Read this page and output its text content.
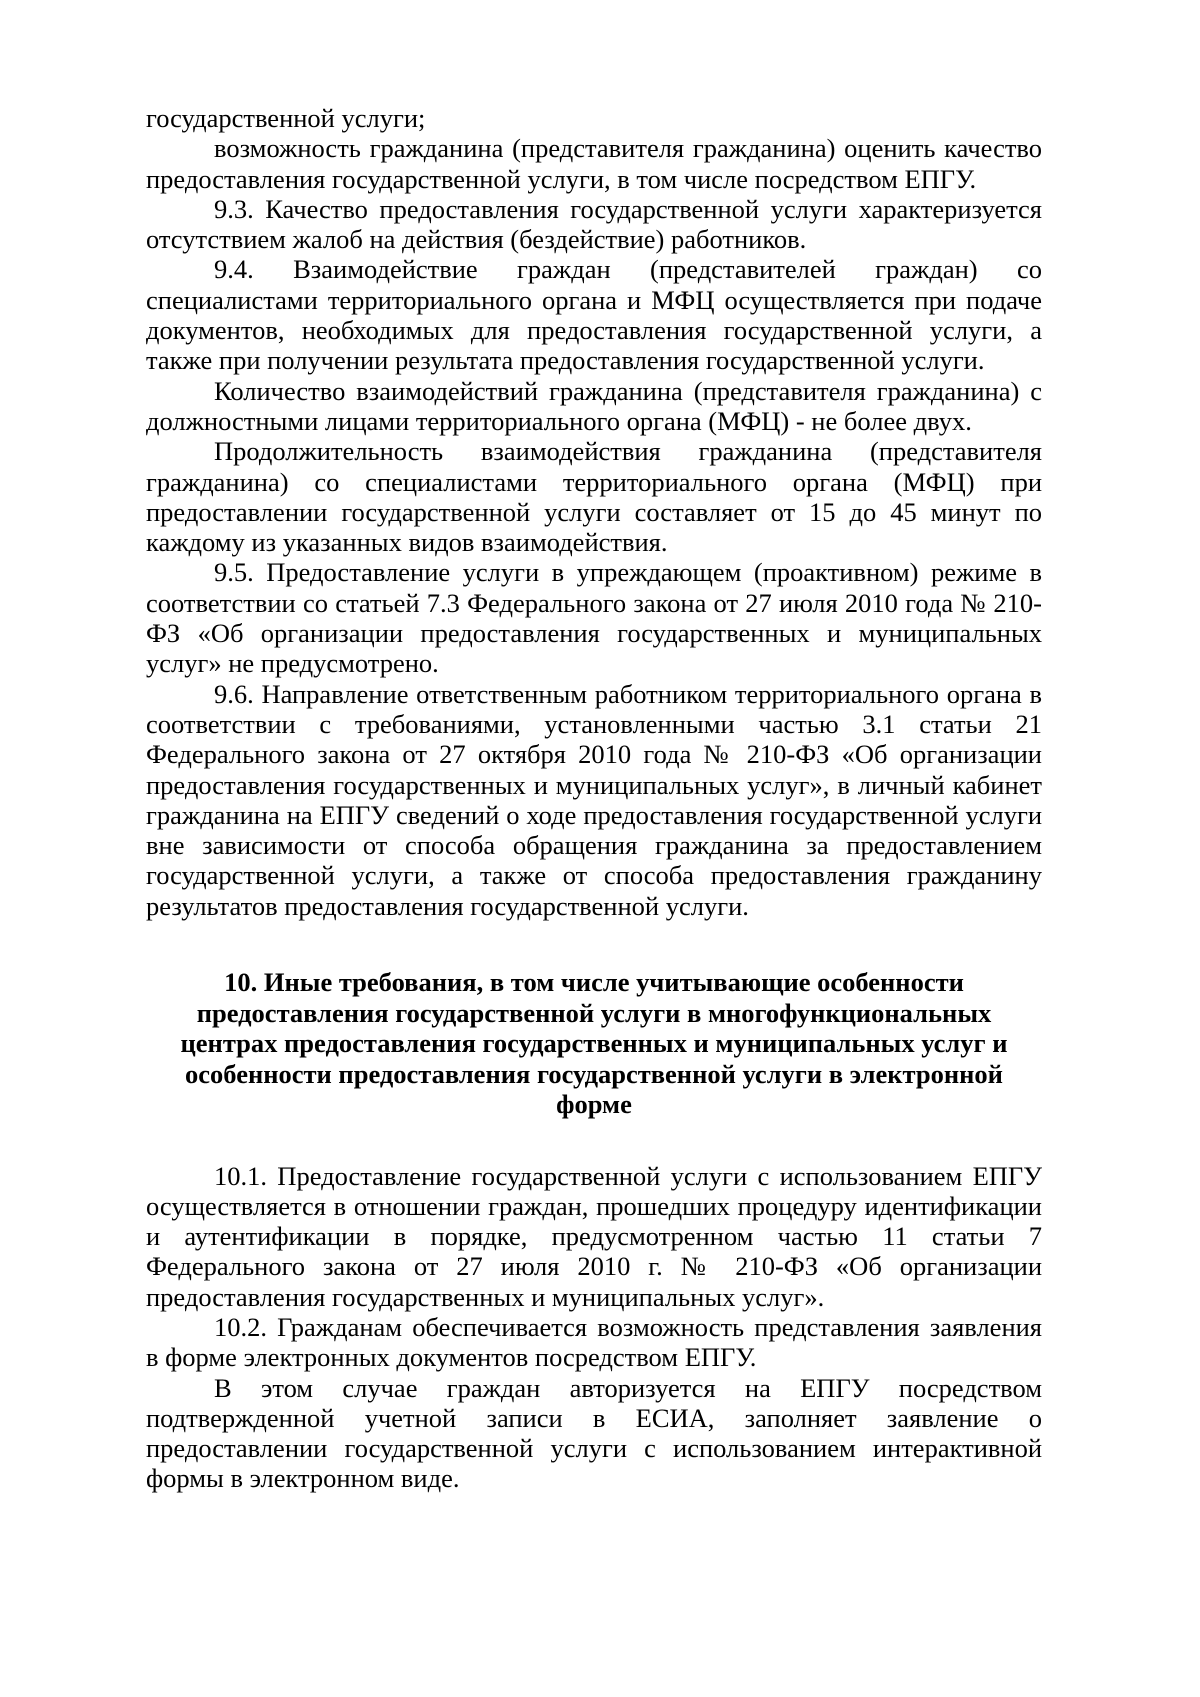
государственной услуги;

возможность гражданина (представителя гражданина) оценить качество предоставления государственной услуги, в том числе посредством ЕПГУ.

9.3. Качество предоставления государственной услуги характеризуется отсутствием жалоб на действия (бездействие) работников.

9.4. Взаимодействие граждан (представителей граждан) со специалистами территориального органа и МФЦ осуществляется при подаче документов, необходимых для предоставления государственной услуги, а также при получении результата предоставления государственной услуги.

Количество взаимодействий гражданина (представителя гражданина) с должностными лицами территориального органа (МФЦ) - не более двух.

Продолжительность взаимодействия гражданина (представителя гражданина) со специалистами территориального органа (МФЦ) при предоставлении государственной услуги составляет от 15 до 45 минут по каждому из указанных видов взаимодействия.

9.5. Предоставление услуги в упреждающем (проактивном) режиме в соответствии со статьей 7.3 Федерального закона от 27 июля 2010 года № 210-ФЗ «Об организации предоставления государственных и муниципальных услуг» не предусмотрено.

9.6. Направление ответственным работником территориального органа в соответствии с требованиями, установленными частью 3.1 статьи 21 Федерального закона от 27 октября 2010 года № 210-ФЗ «Об организации предоставления государственных и муниципальных услуг», в личный кабинет гражданина на ЕПГУ сведений о ходе предоставления государственной услуги вне зависимости от способа обращения гражданина за предоставлением государственной услуги, а также от способа предоставления гражданину результатов предоставления государственной услуги.

10. Иные требования, в том числе учитывающие особенности предоставления государственной услуги в многофункциональных центрах предоставления государственных и муниципальных услуг и особенности предоставления государственной услуги в электронной форме

10.1. Предоставление государственной услуги с использованием ЕПГУ осуществляется в отношении граждан, прошедших процедуру идентификации и аутентификации в порядке, предусмотренном частью 11 статьи 7 Федерального закона от 27 июля 2010 г. № 210-ФЗ «Об организации предоставления государственных и муниципальных услуг».

10.2. Гражданам обеспечивается возможность представления заявления в форме электронных документов посредством ЕПГУ.

В этом случае граждан авторизуется на ЕПГУ посредством подтвержденной учетной записи в ЕСИА, заполняет заявление о предоставлении государственной услуги с использованием интерактивной формы в электронном виде.
